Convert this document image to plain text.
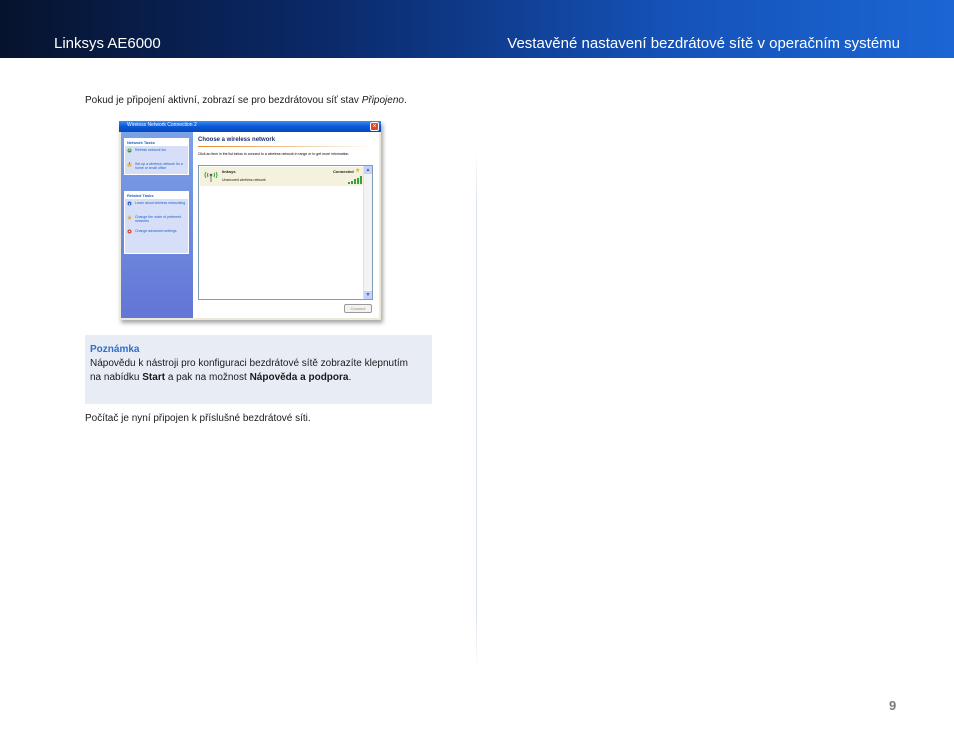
Linksys AE6000	Vestavěné nastavení bezdrátové sítě v operačním systému
Pokud je připojení aktivní, zobrazí se pro bezdrátovou síť stav Připojeno.
Wireless Network Connection 2	×
Network Tasks
Refresh network list
Set up a wireless network for a home or small office
Related Tasks
Learn about wireless networking
Change the order of preferred networks
Change advanced settings
Choose a wireless network
Click an item in the list below to connect to a wireless network in range or to get more information.
linksys	Connected ★
Unsecured wireless network
▲
▼
Connect
Poznámka
Nápovědu k nástroji pro konfiguraci bezdrátové sítě zobrazíte klepnutím na nabídku Start a pak na možnost Nápověda a podpora.
Počítač je nyní připojen k příslušné bezdrátové síti.
9
